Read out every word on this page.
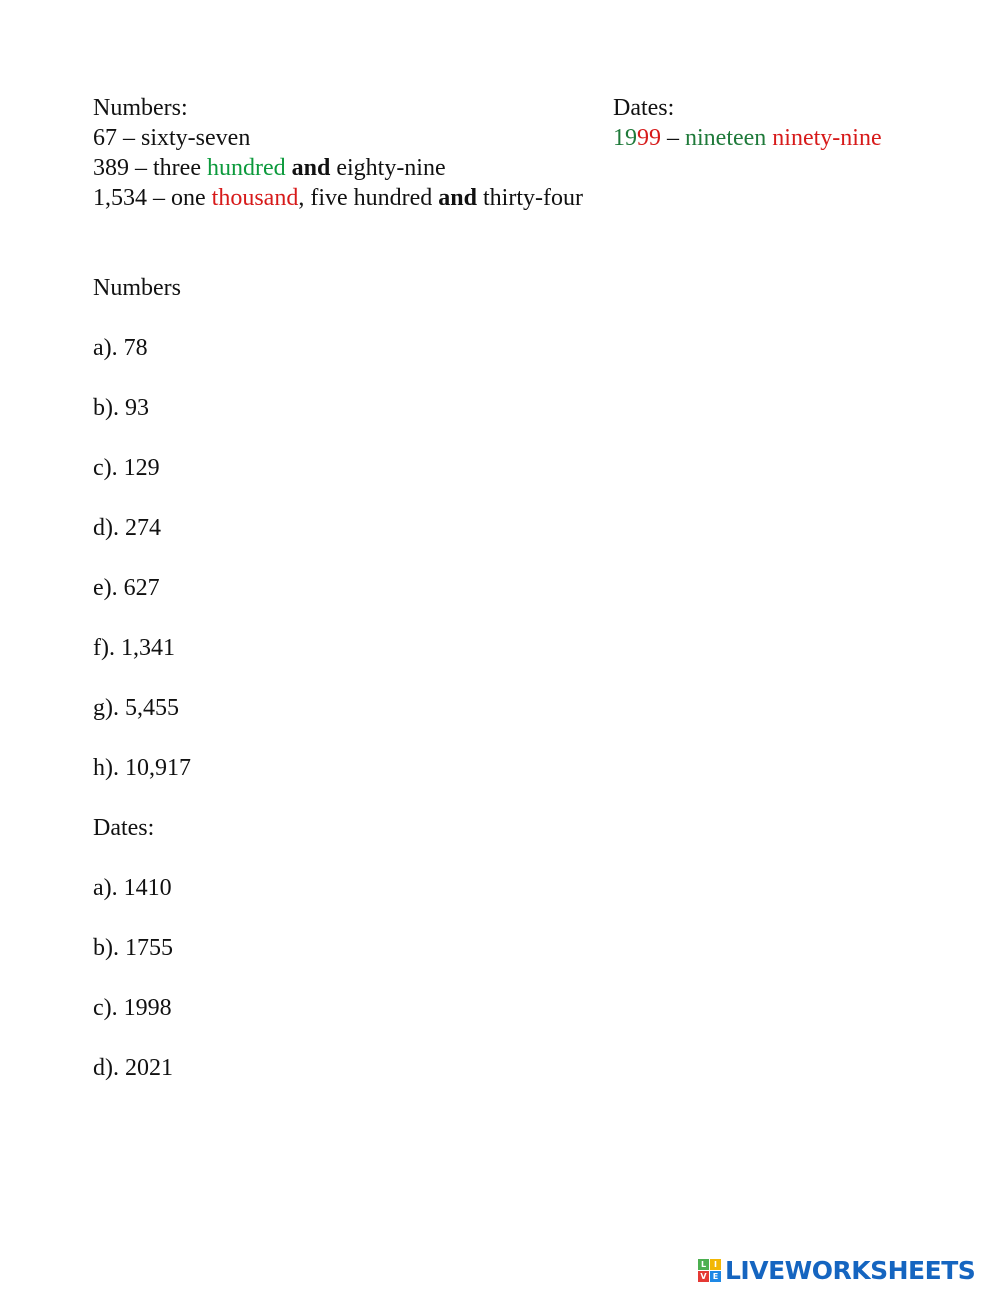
Numbers:	Dates:
67 – sixty-seven	1999 – nineteen ninety-nine
389 – three hundred and eighty-nine
1,534 – one thousand, five hundred and thirty-four
Numbers
a). 78
b). 93
c). 129
d). 274
e). 627
f). 1,341
g). 5,455
h). 10,917
Dates:
a). 1410
b). 1755
c). 1998
d). 2021
L I
V E LIVEWORKSHEETS
